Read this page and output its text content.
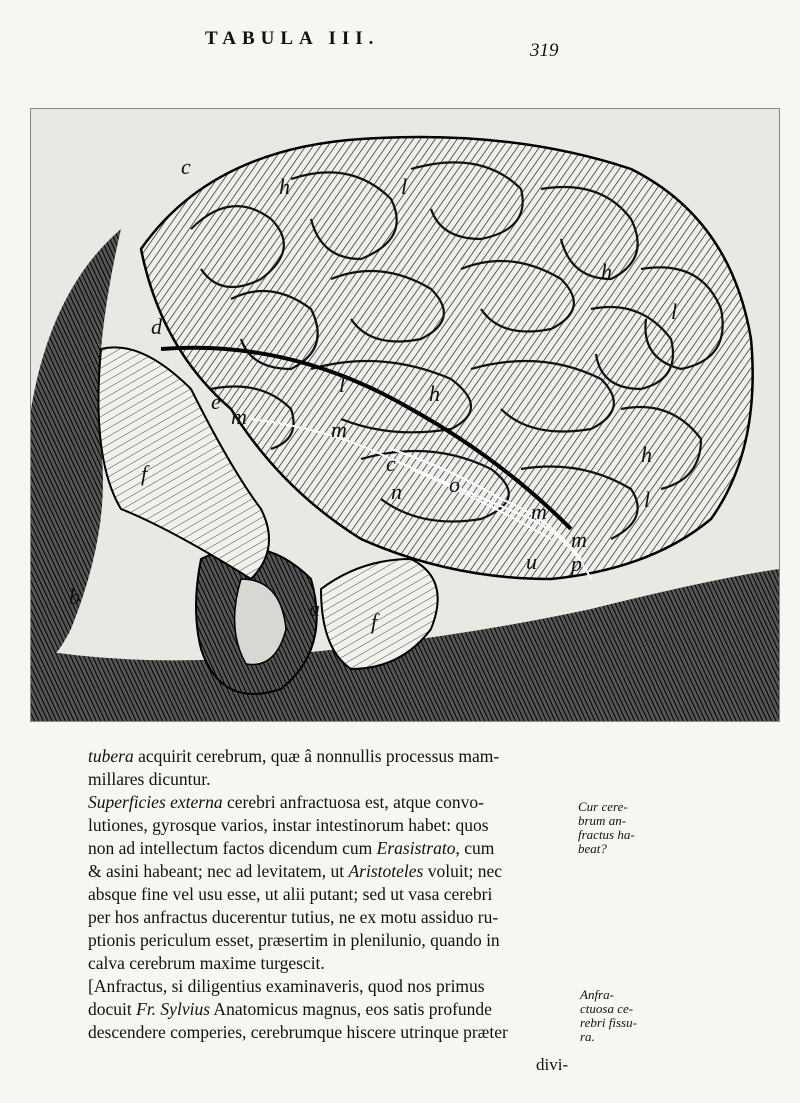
TABULA III.
319
h	l
h
d
l
h
e
m
m
l
c
n o
m
h
f
l
m
u p
b	a
f
c
tubera acquirit cerebrum, quæ â nonnullis processus mam-
millares dicuntur.
Superficies externa cerebri anfractuosa est, atque convo-
lutiones, gyrosque varios, instar intestinorum habet: quos
non ad intellectum factos dicendum cum Erasistrato, cum
& asini habeant; nec ad levitatem, ut Aristoteles voluit; nec
absque fine vel usu esse, ut alii putant; sed ut vasa cerebri
per hos anfractus ducerentur tutius, ne ex motu assiduo ru-
ptionis periculum esset, præsertim in plenilunio, quando in
calva cerebrum maxime turgescit.
[Anfractus, si diligentius examinaveris, quod nos primus
docuit Fr. Sylvius Anatomicus magnus, eos satis profunde
descendere comperies, cerebrumque hiscere utrinque præter
Cur cere-
brum an-
fractus ha-
beat?
Anfra-
ctuosa ce-
rebri fissu-
ra.
divi-
